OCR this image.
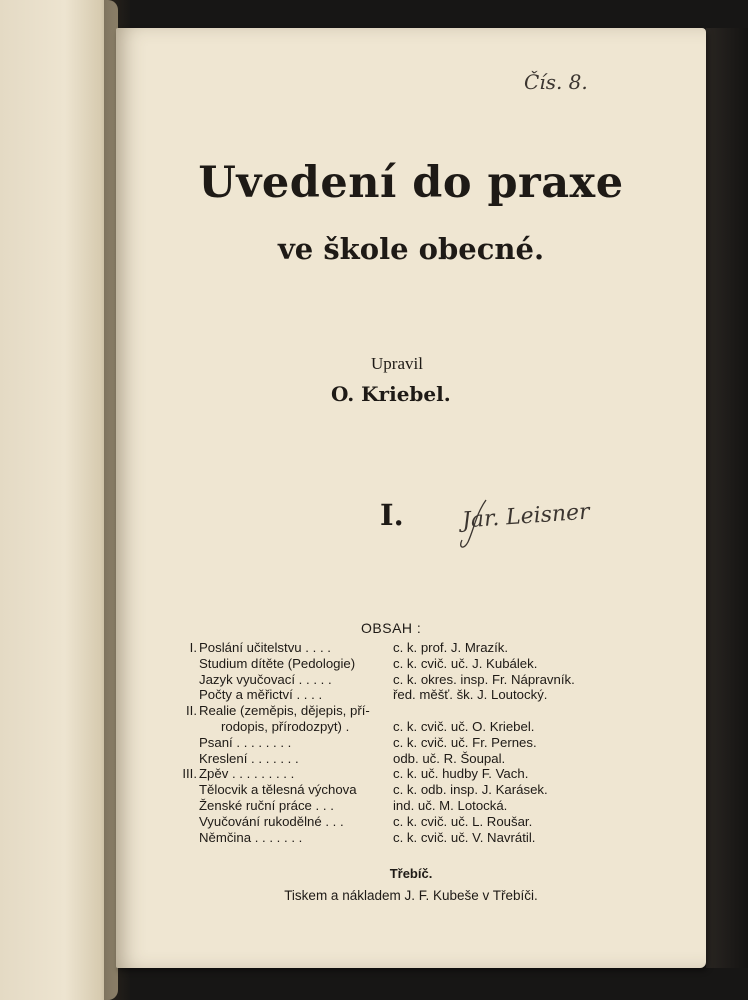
Čís. 8.
Uvedení do praxe
ve škole obecné.
Upravil
O. Kriebel.
I.	Jar. Leisner
OBSAH :
I. Poslání učitelstvu . . . .	c. k. prof. J. Mrazík.
Studium dítěte (Pedologie)	c. k. cvič. uč. J. Kubálek.
Jazyk vyučovací . . . . .	c. k. okres. insp. Fr. Nápravník.
Počty a měřictví . . . .	řed. měšť. šk. J. Loutocký.
II. Realie (zeměpis, dějepis, pří-
rodopis, přírodozpyt) .	c. k. cvič. uč. O. Kriebel.
Psaní . . . . . . . .	c. k. cvič. uč. Fr. Pernes.
Kreslení . . . . . . .	odb. uč. R. Šoupal.
III. Zpěv . . . . . . . . .	c. k. uč. hudby F. Vach.
Tělocvik a tělesná výchova	c. k. odb. insp. J. Karásek.
Ženské ruční práce . . .	ind. uč. M. Lotocká.
Vyučování rukodělné . . .	c. k. cvič. uč. L. Roušar.
Němčina . . . . . . .	c. k. cvič. uč. V. Navrátil.
Třebíč.
Tiskem a nákladem J. F. Kubeše v Třebíči.
